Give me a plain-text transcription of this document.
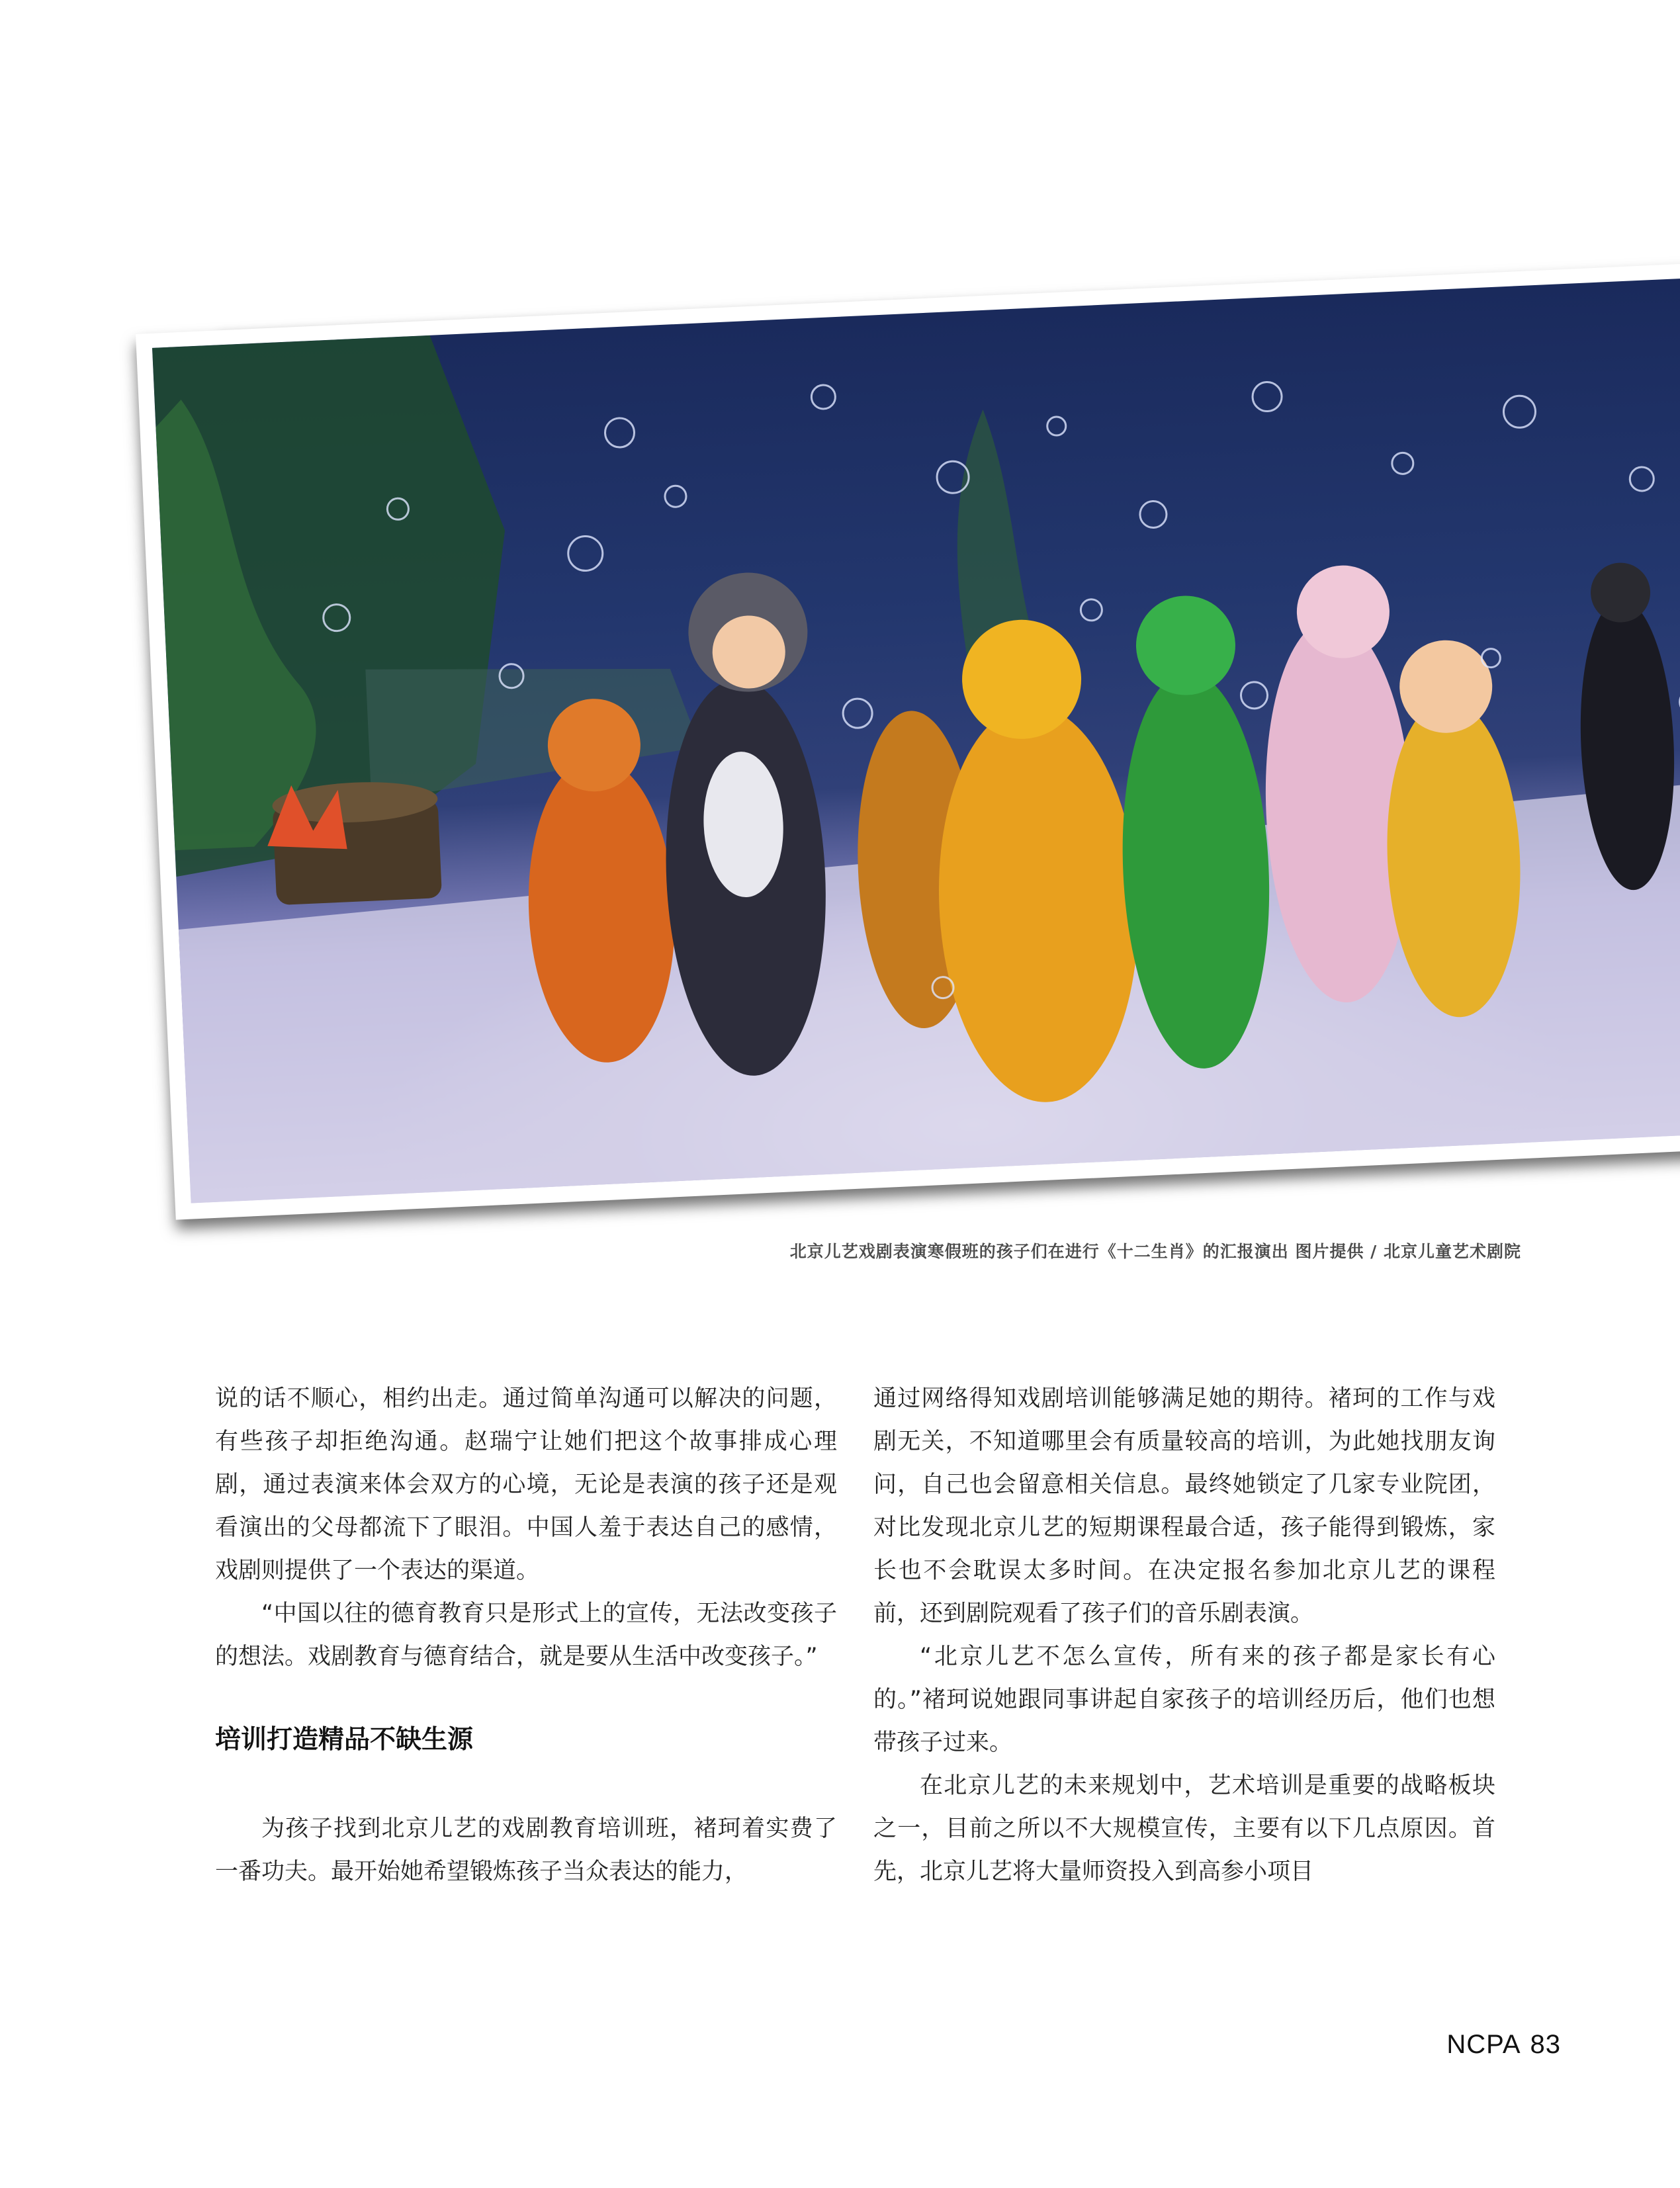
北京儿艺戏剧表演寒假班的孩子们在进行《十二生肖》的汇报演出 图片提供 / 北京儿童艺术剧院

说的话不顺心，相约出走。通过简单沟通可以解决的问题，有些孩子却拒绝沟通。赵瑞宁让她们把这个故事排成心理剧，通过表演来体会双方的心境，无论是表演的孩子还是观看演出的父母都流下了眼泪。中国人羞于表达自己的感情，戏剧则提供了一个表达的渠道。

“中国以往的德育教育只是形式上的宣传，无法改变孩子的想法。戏剧教育与德育结合，就是要从生活中改变孩子。”

培训打造精品不缺生源

为孩子找到北京儿艺的戏剧教育培训班，褚珂着实费了一番功夫。最开始她希望锻炼孩子当众表达的能力，

通过网络得知戏剧培训能够满足她的期待。褚珂的工作与戏剧无关，不知道哪里会有质量较高的培训，为此她找朋友询问，自己也会留意相关信息。最终她锁定了几家专业院团，对比发现北京儿艺的短期课程最合适，孩子能得到锻炼，家长也不会耽误太多时间。在决定报名参加北京儿艺的课程前，还到剧院观看了孩子们的音乐剧表演。

“北京儿艺不怎么宣传，所有来的孩子都是家长有心的。”褚珂说她跟同事讲起自家孩子的培训经历后，他们也想带孩子过来。

在北京儿艺的未来规划中，艺术培训是重要的战略板块之一，目前之所以不大规模宣传，主要有以下几点原因。首先，北京儿艺将大量师资投入到高参小项目

NCPA 83
